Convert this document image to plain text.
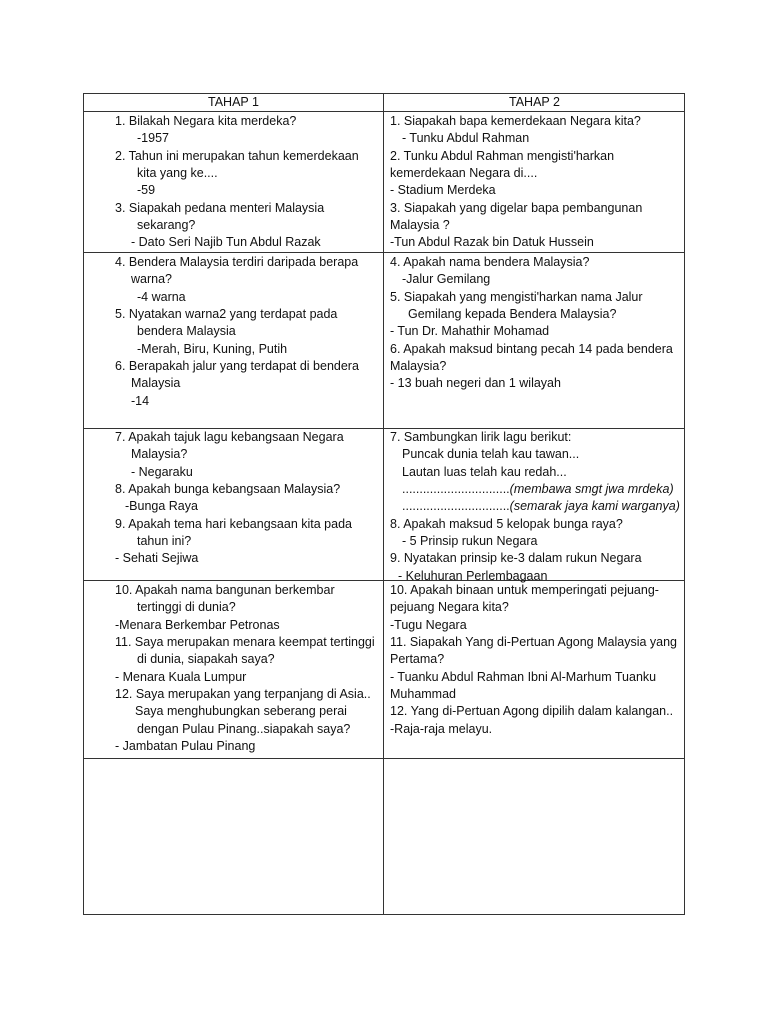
TAHAP 1	TAHAP 2
1. Bilakah Negara kita merdeka?
-1957
2. Tahun ini merupakan tahun kemerdekaan
kita yang ke....
-59
3. Siapakah pedana menteri Malaysia
sekarang?
- Dato Seri Najib Tun Abdul Razak
1. Siapakah bapa kemerdekaan Negara kita?
- Tunku Abdul Rahman
2. Tunku Abdul Rahman mengisti'harkan
kemerdekaan Negara di....
- Stadium Merdeka
3. Siapakah yang digelar bapa pembangunan
Malaysia ?
-Tun Abdul Razak bin Datuk Hussein
4. Bendera Malaysia terdiri daripada berapa
warna?
-4 warna
5. Nyatakan warna2 yang terdapat pada
bendera Malaysia
-Merah, Biru, Kuning, Putih
6. Berapakah jalur yang terdapat di bendera
Malaysia
-14
4. Apakah nama bendera Malaysia?
-Jalur Gemilang
5. Siapakah yang mengisti'harkan nama Jalur
Gemilang kepada Bendera Malaysia?
- Tun Dr. Mahathir Mohamad
6. Apakah maksud bintang pecah 14 pada bendera
Malaysia?
- 13 buah negeri dan 1 wilayah
7. Apakah tajuk lagu kebangsaan Negara
Malaysia?
- Negaraku
8. Apakah bunga kebangsaan Malaysia?
-Bunga Raya
9. Apakah tema hari kebangsaan kita pada
tahun ini?
- Sehati Sejiwa
7. Sambungkan lirik lagu berikut:
Puncak dunia telah kau tawan...
Lautan luas telah kau redah...
...............................(membawa smgt jwa mrdeka)
...............................(semarak jaya kami warganya)
8. Apakah maksud 5 kelopak bunga raya?
- 5 Prinsip rukun Negara
9. Nyatakan prinsip ke-3 dalam rukun Negara
- Keluhuran Perlembagaan
10. Apakah nama bangunan berkembar
tertinggi di dunia?
-Menara Berkembar Petronas
11. Saya merupakan menara keempat tertinggi
di dunia, siapakah saya?
- Menara Kuala Lumpur
12. Saya merupakan yang terpanjang di Asia..
Saya menghubungkan seberang perai
dengan Pulau Pinang..siapakah saya?
- Jambatan Pulau Pinang
10. Apakah binaan untuk memperingati pejuang-
pejuang Negara kita?
-Tugu Negara
11. Siapakah Yang di-Pertuan Agong Malaysia yang
Pertama?
- Tuanku Abdul Rahman Ibni Al-Marhum Tuanku
Muhammad
12. Yang di-Pertuan Agong dipilih dalam kalangan..
-Raja-raja melayu.
